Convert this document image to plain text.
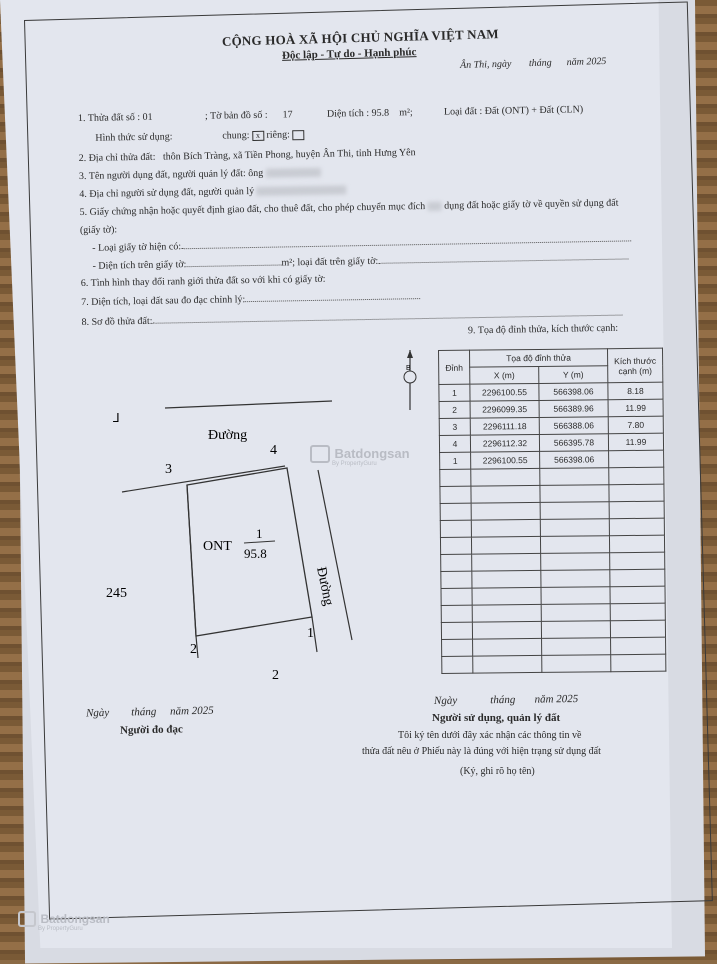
CỘNG HOÀ XÃ HỘI CHỦ NGHĨA VIỆT NAM
Độc lập - Tự do - Hạnh phúc
Ân Thi, ngày tháng năm 2025
1. Thửa đất số : 01	; Tờ bản đồ số : 17	Diện tích : 95.8 m²;	Loại đất : Đất (ONT) + Đất (CLN)
Hình thức sử dụng:	chung: x riêng:
2. Địa chỉ thửa đất: thôn Bích Tràng, xã Tiền Phong, huyện Ân Thi, tỉnh Hưng Yên
3. Tên người dụng đất, người quản lý đất: ông
4. Địa chỉ người sử dụng đất, người quản lý
5. Giấy chứng nhận hoặc quyết định giao đất, cho thuê đất, cho phép chuyển mục đích dụng đất hoặc giấy tờ về quyền sử dụng đất
(giấy tờ):
- Loại giấy tờ hiện có:
- Diện tích trên giấy tờ:	m²; loại đất trên giấy tờ:
6. Tình hình thay đổi ranh giới thửa đất so với khi có giấy tờ:
7. Diện tích, loại đất sau đo đạc chỉnh lý:
8. Sơ đồ thửa đất:
9. Tọa độ đỉnh thửa, kích thước cạnh:
Đỉnh	Tọa độ đỉnh thửa		Kích thước cạnh (m)
	X (m)	Y (m)	
1	2296100.55	566398.06	8.18
2	2296099.35	566389.96	11.99
3	2296111.18	566388.06	7.80
4	2296112.32	566395.78	11.99
1	2296100.55	566398.06	

B
⅃
Đường
4
3
ONT
1
95.8
Đường
245
1
2
2
Batdongsan
By PropertyGuru
Ngày tháng năm 2025
Người đo đạc
Ngày	tháng năm 2025
Người sử dụng, quản lý đất
Tôi ký tên dưới đây xác nhận các thông tin về
thửa đất nêu ở Phiếu này là đúng với hiện trạng sử dụng đất
(Ký, ghi rõ họ tên)
Batdongsan
By PropertyGuru
